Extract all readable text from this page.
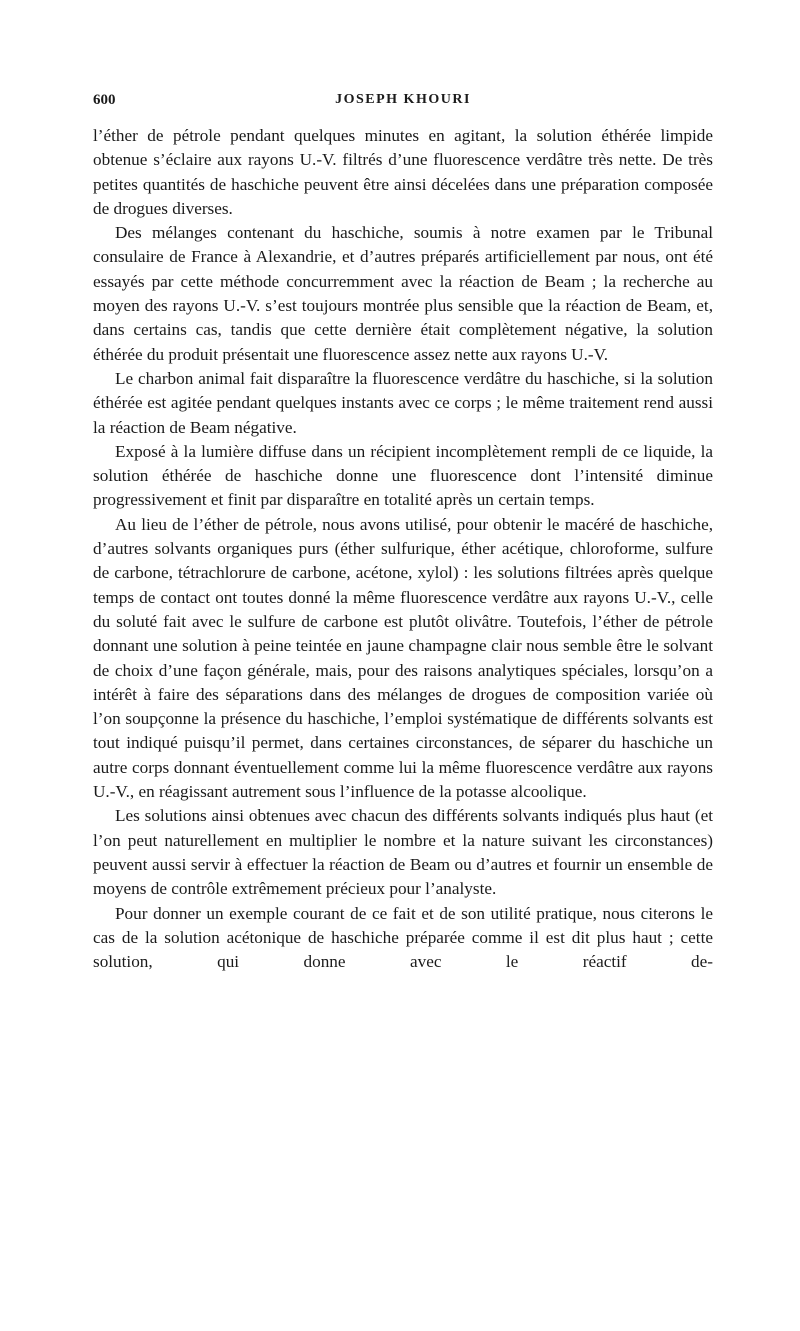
600	JOSEPH KHOURI

l’éther de pétrole pendant quelques minutes en agitant, la solution éthérée limpide obtenue s’éclaire aux rayons U.-V. filtrés d’une fluorescence verdâtre très nette. De très petites quantités de haschiche peuvent être ainsi décelées dans une préparation composée de drogues diverses.

Des mélanges contenant du haschiche, soumis à notre examen par le Tribunal consulaire de France à Alexandrie, et d’autres préparés artificiellement par nous, ont été essayés par cette méthode concurremment avec la réaction de Beam ; la recherche au moyen des rayons U.-V. s’est toujours montrée plus sensible que la réaction de Beam, et, dans certains cas, tandis que cette dernière était complètement négative, la solution éthérée du produit présentait une fluorescence assez nette aux rayons U.-V.

Le charbon animal fait disparaître la fluorescence verdâtre du haschiche, si la solution éthérée est agitée pendant quelques instants avec ce corps ; le même traitement rend aussi la réaction de Beam négative.

Exposé à la lumière diffuse dans un récipient incomplètement rempli de ce liquide, la solution éthérée de haschiche donne une fluorescence dont l’intensité diminue progressivement et finit par disparaître en totalité après un certain temps.

Au lieu de l’éther de pétrole, nous avons utilisé, pour obtenir le macéré de haschiche, d’autres solvants organiques purs (éther sulfurique, éther acétique, chloroforme, sulfure de carbone, tétrachlorure de carbone, acétone, xylol) : les solutions filtrées après quelque temps de contact ont toutes donné la même fluorescence verdâtre aux rayons U.-V., celle du soluté fait avec le sulfure de carbone est plutôt olivâtre. Toutefois, l’éther de pétrole donnant une solution à peine teintée en jaune champagne clair nous semble être le solvant de choix d’une façon générale, mais, pour des raisons analytiques spéciales, lorsqu’on a intérêt à faire des séparations dans des mélanges de drogues de composition variée où l’on soupçonne la présence du haschiche, l’emploi systématique de différents solvants est tout indiqué puisqu’il permet, dans certaines circonstances, de séparer du haschiche un autre corps donnant éventuellement comme lui la même fluorescence verdâtre aux rayons U.-V., en réagissant autrement sous l’influence de la potasse alcoolique.

Les solutions ainsi obtenues avec chacun des différents solvants indiqués plus haut (et l’on peut naturellement en multiplier le nombre et la nature suivant les circonstances) peuvent aussi servir à effectuer la réaction de Beam ou d’autres et fournir un ensemble de moyens de contrôle extrêmement précieux pour l’analyste.

Pour donner un exemple courant de ce fait et de son utilité pratique, nous citerons le cas de la solution acétonique de haschiche préparée comme il est dit plus haut ; cette solution, qui donne avec le réactif de-
